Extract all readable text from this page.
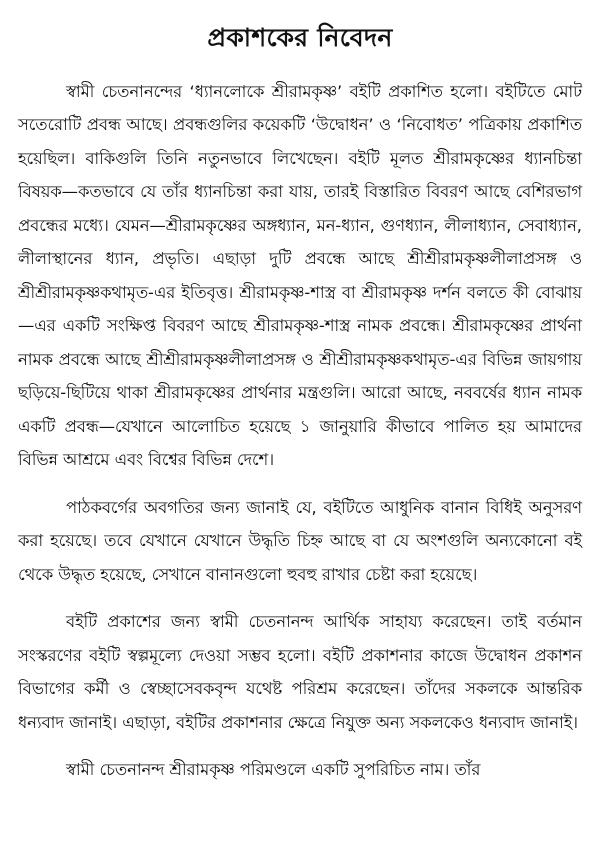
প্রকাশকের নিবেদন

স্বামী চেতনানন্দের ‘ধ্যানলোকে শ্রীরামকৃষ্ণ’ বইটি প্রকাশিত হলো। বইটিতে মোট সতেরোটি প্রবন্ধ আছে। প্রবন্ধগুলির কয়েকটি ‘উদ্বোধন’ ও ‘নিবোধত’ পত্রিকায় প্রকাশিত হয়েছিল। বাকিগুলি তিনি নতুনভাবে লিখেছেন। বইটি মূলত শ্রীরামকৃষ্ণের ধ্যানচিন্তা বিষয়ক—কতভাবে যে তাঁর ধ্যানচিন্তা করা যায়, তারই বিস্তারিত বিবরণ আছে বেশিরভাগ প্রবন্ধের মধ্যে। যেমন—শ্রীরামকৃষ্ণের অঙ্গধ্যান, মন-ধ্যান, গুণধ্যান, লীলাধ্যান, সেবাধ্যান, লীলাস্থানের ধ্যান, প্রভৃতি। এছাড়া দুটি প্রবন্ধে আছে শ্রীশ্রীরামকৃষ্ণলীলাপ্রসঙ্গ ও শ্রীশ্রীরামকৃষ্ণকথামৃত-এর ইতিবৃত্ত। শ্রীরামকৃষ্ণ-শাস্ত্র বা শ্রীরামকৃষ্ণ দর্শন বলতে কী বোঝায়—এর একটি সংক্ষিপ্ত বিবরণ আছে শ্রীরামকৃষ্ণ-শাস্ত্র নামক প্রবন্ধে। শ্রীরামকৃষ্ণের প্রার্থনা নামক প্রবন্ধে আছে শ্রীশ্রীরামকৃষ্ণলীলাপ্রসঙ্গ ও শ্রীশ্রীরামকৃষ্ণকথামৃত-এর বিভিন্ন জায়গায় ছড়িয়ে-ছিটিয়ে থাকা শ্রীরামকৃষ্ণের প্রার্থনার মন্ত্রগুলি। আরো আছে, নববর্ষের ধ্যান নামক একটি প্রবন্ধ—যেখানে আলোচিত হয়েছে ১ জানুয়ারি কীভাবে পালিত হয় আমাদের বিভিন্ন আশ্রমে এবং বিশ্বের বিভিন্ন দেশে।

পাঠকবর্গের অবগতির জন্য জানাই যে, বইটিতে আধুনিক বানান বিধিই অনুসরণ করা হয়েছে। তবে যেখানে যেখানে উদ্ধৃতি চিহ্ন আছে বা যে অংশগুলি অন্যকোনো বই থেকে উদ্ধৃত হয়েছে, সেখানে বানানগুলো হুবহু রাখার চেষ্টা করা হয়েছে।

বইটি প্রকাশের জন্য স্বামী চেতনানন্দ আর্থিক সাহায্য করেছেন। তাই বর্তমান সংস্করণের বইটি স্বল্পমূল্যে দেওয়া সম্ভব হলো। বইটি প্রকাশনার কাজে উদ্বোধন প্রকাশন বিভাগের কর্মী ও স্বেচ্ছাসেবকবৃন্দ যথেষ্ট পরিশ্রম করেছেন। তাঁদের সকলকে আন্তরিক ধন্যবাদ জানাই। এছাড়া, বইটির প্রকাশনার ক্ষেত্রে নিযুক্ত অন্য সকলকেও ধন্যবাদ জানাই।

স্বামী চেতনানন্দ শ্রীরামকৃষ্ণ পরিমণ্ডলে একটি সুপরিচিত নাম। তাঁর
